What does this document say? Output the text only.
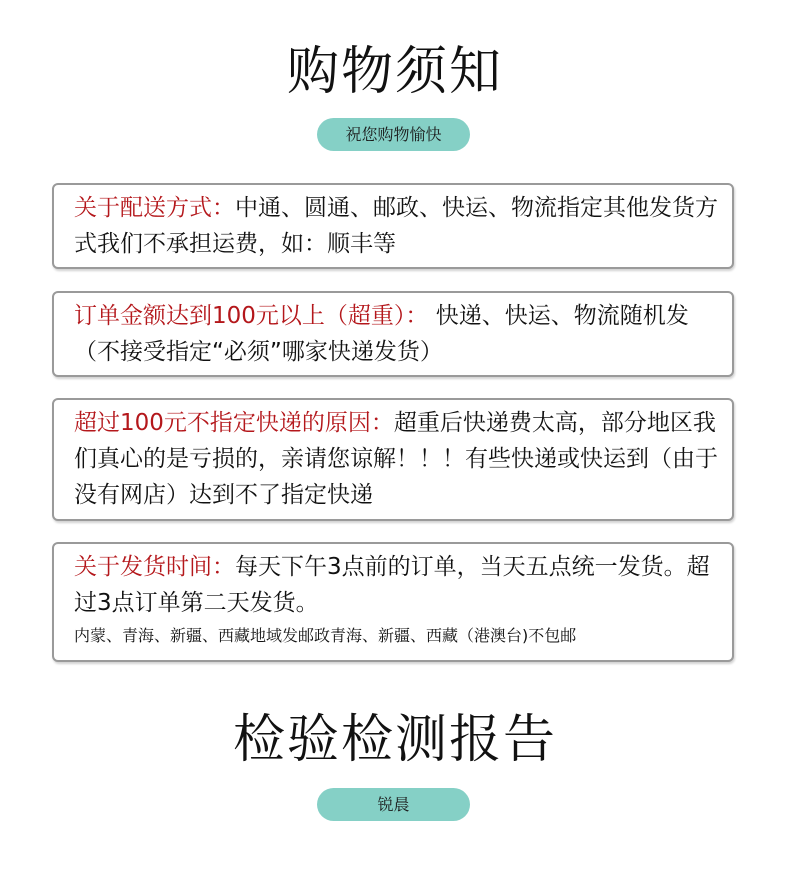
购物须知
祝您购物愉快
关于配送方式：中通、圆通、邮政、快运、物流指定其他发货方式我们不承担运费，如：顺丰等
订单金额达到100元以上（超重）： 快递、快运、物流随机发（不接受指定“必须”哪家快递发货）
超过100元不指定快递的原因：超重后快递费太高，部分地区我们真心的是亏损的，亲请您谅解！！！有些快递或快运到（由于没有网店）达到不了指定快递
关于发货时间：每天下午3点前的订单，当天五点统一发货。超过3点订单第二天发货。
内蒙、青海、新疆、西藏地域发邮政青海、新疆、西藏（港澳台)不包邮
检验检测报告
锐晨
